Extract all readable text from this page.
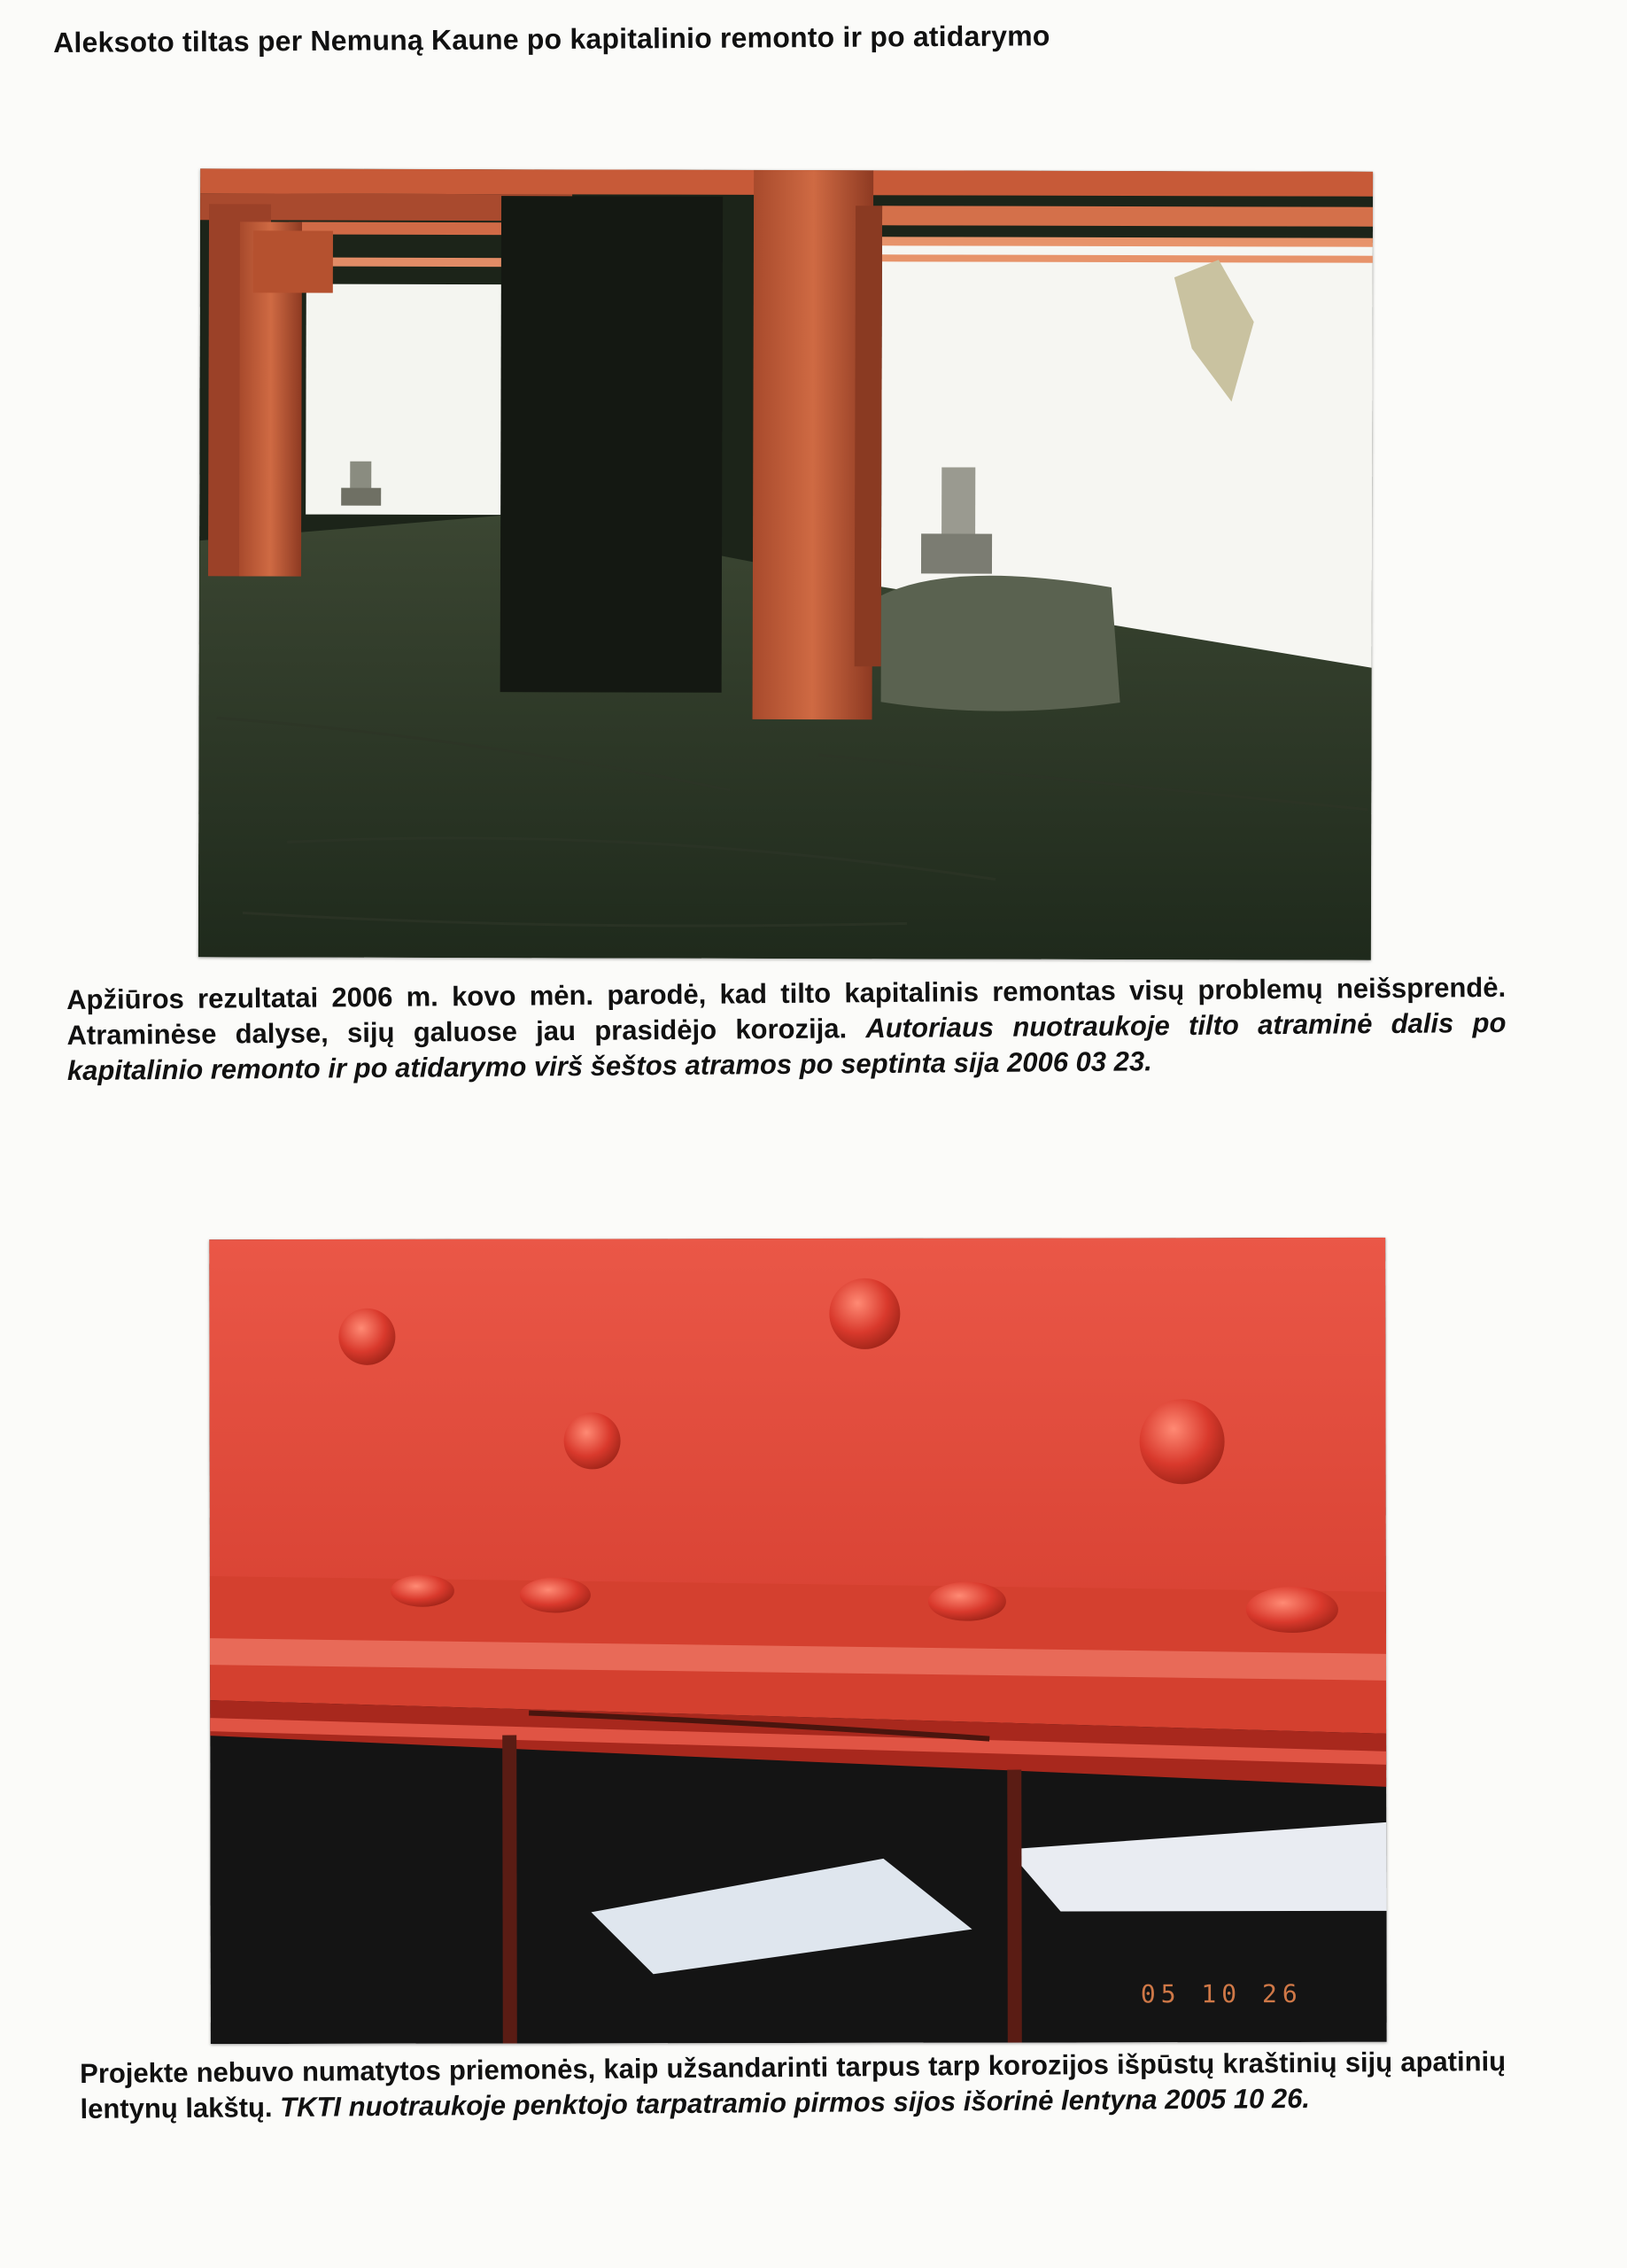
Aleksoto tiltas per Nemuną Kaune po kapitalinio remonto ir po atidarymo

Apžiūros rezultatai 2006 m. kovo mėn. parodė, kad tilto kapitalinis remontas visų problemų neišsprendė. Atraminėse dalyse, sijų galuose jau prasidėjo korozija. Autoriaus nuotraukoje tilto atraminė dalis po kapitalinio remonto ir po atidarymo virš šeštos atramos po septinta sija 2006 03 23.

05 10 26

Projekte nebuvo numatytos priemonės, kaip užsandarinti tarpus tarp korozijos išpūstų kraštinių sijų apatinių lentynų lakštų. TKTI nuotraukoje penktojo tarpatramio pirmos sijos išorinė lentyna 2005 10 26.
